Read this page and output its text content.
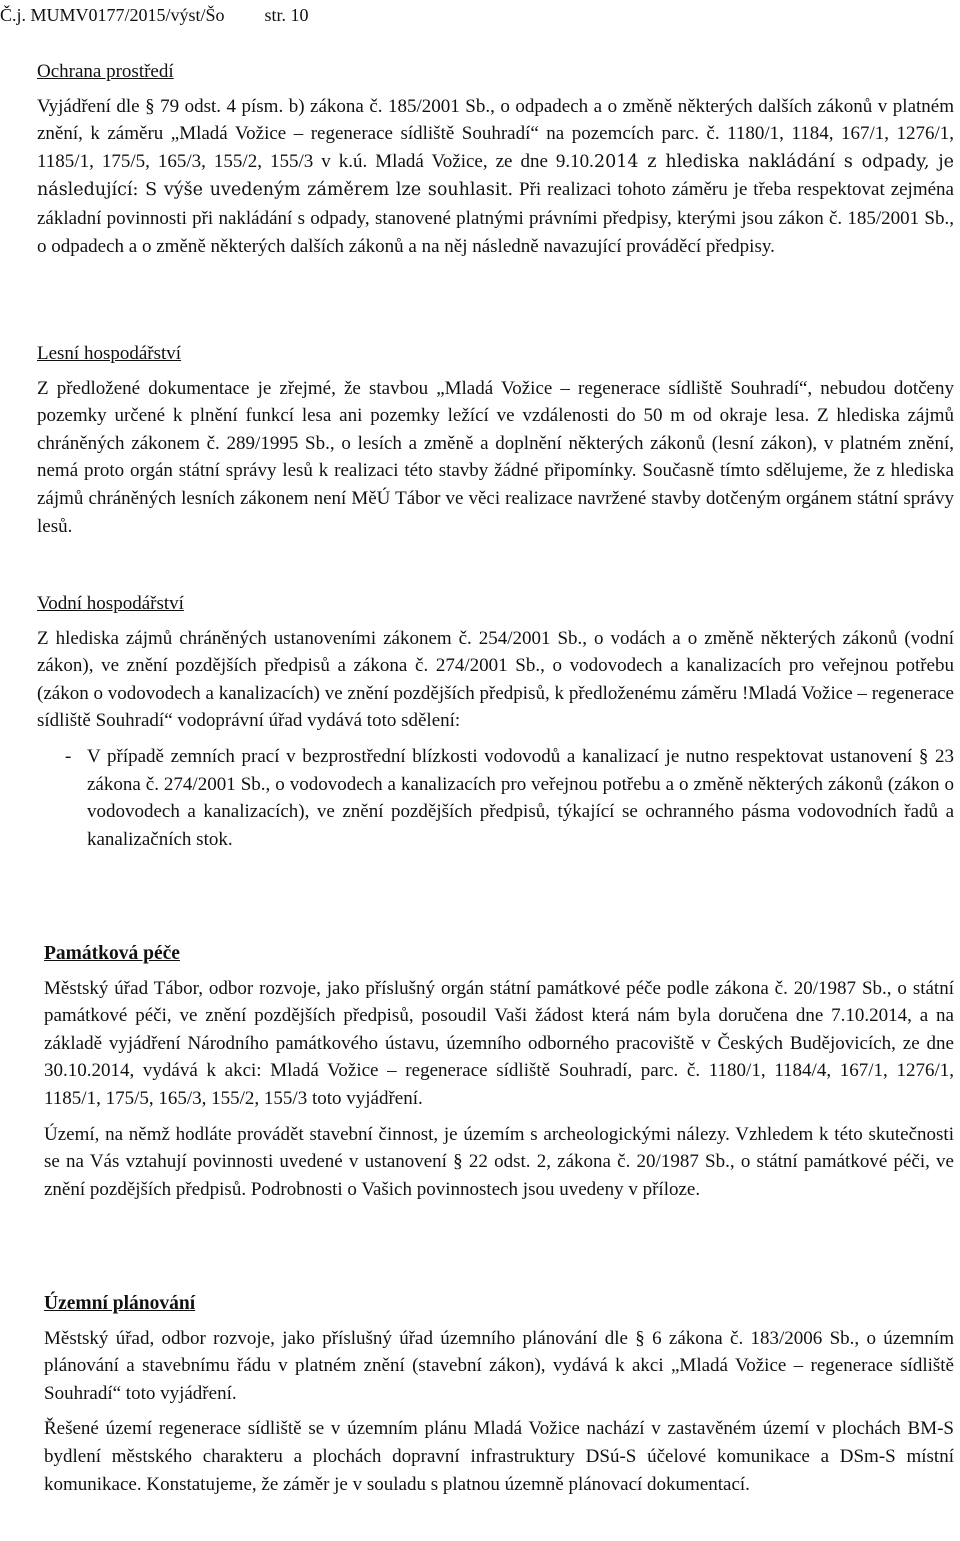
Č.j. MUMV0177/2015/výst/Šo str. 10

Ochrana prostředí

Vyjádření dle § 79 odst. 4 písm. b) zákona č. 185/2001 Sb., o odpadech a o změně některých dalších zákonů v platném znění, k záměru „Mladá Vožice – regenerace sídliště Souhradí“ na pozemcích parc. č. 1180/1, 1184, 167/1, 1276/1, 1185/1, 175/5, 165/3, 155/2, 155/3 v k.ú. Mladá Vožice, ze dne 9.10.2014 z hlediska nakládání s odpady, je následující: S výše uvedeným záměrem lze souhlasit. Při realizaci tohoto záměru je třeba respektovat zejména základní povinnosti při nakládání s odpady, stanovené platnými právními předpisy, kterými jsou zákon č. 185/2001 Sb., o odpadech a o změně některých dalších zákonů a na něj následně navazující prováděcí předpisy.

Lesní hospodářství

Z předložené dokumentace je zřejmé, že stavbou „Mladá Vožice – regenerace sídliště Souhradí“, nebudou dotčeny pozemky určené k plnění funkcí lesa ani pozemky ležící ve vzdálenosti do 50 m od okraje lesa. Z hlediska zájmů chráněných zákonem č. 289/1995 Sb., o lesích a změně a doplnění některých zákonů (lesní zákon), v platném znění, nemá proto orgán státní správy lesů k realizaci této stavby žádné připomínky. Současně tímto sdělujeme, že z hlediska zájmů chráněných lesních zákonem není MěÚ Tábor ve věci realizace navržené stavby dotčeným orgánem státní správy lesů.

Vodní hospodářství

Z hlediska zájmů chráněných ustanoveními zákonem č. 254/2001 Sb., o vodách a o změně některých zákonů (vodní zákon), ve znění pozdějších předpisů a zákona č. 274/2001 Sb., o vodovodech a kanalizacích pro veřejnou potřebu (zákon o vodovodech a kanalizacích) ve znění pozdějších předpisů, k předloženému záměru !Mladá Vožice – regenerace sídliště Souhradí“ vodoprávní úřad vydává toto sdělení:

- V případě zemních prací v bezprostřední blízkosti vodovodů a kanalizací je nutno respektovat ustanovení § 23 zákona č. 274/2001 Sb., o vodovodech a kanalizacích pro veřejnou potřebu a o změně některých zákonů (zákon o vodovodech a kanalizacích), ve znění pozdějších předpisů, týkající se ochranného pásma vodovodních řadů a kanalizačních stok.

Památková péče

Městský úřad Tábor, odbor rozvoje, jako příslušný orgán státní památkové péče podle zákona č. 20/1987 Sb., o státní památkové péči, ve znění pozdějších předpisů, posoudil Vaši žádost která nám byla doručena dne 7.10.2014, a na základě vyjádření Národního památkového ústavu, územního odborného pracoviště v Českých Budějovicích, ze dne 30.10.2014, vydává k akci: Mladá Vožice – regenerace sídliště Souhradí, parc. č. 1180/1, 1184/4, 167/1, 1276/1, 1185/1, 175/5, 165/3, 155/2, 155/3 toto vyjádření.

Území, na němž hodláte provádět stavební činnost, je územím s archeologickými nálezy. Vzhledem k této skutečnosti se na Vás vztahují povinnosti uvedené v ustanovení § 22 odst. 2, zákona č. 20/1987 Sb., o státní památkové péči, ve znění pozdějších předpisů. Podrobnosti o Vašich povinnostech jsou uvedeny v příloze.

Územní plánování

Městský úřad, odbor rozvoje, jako příslušný úřad územního plánování dle § 6 zákona č. 183/2006 Sb., o územním plánování a stavebnímu řádu v platném znění (stavební zákon), vydává k akci „Mladá Vožice – regenerace sídliště Souhradí“ toto vyjádření.

Řešené území regenerace sídliště se v územním plánu Mladá Vožice nachází v zastavěném území v plochách BM-S bydlení městského charakteru a plochách dopravní infrastruktury DSú-S účelové komunikace a DSm-S místní komunikace. Konstatujeme, že záměr je v souladu s platnou územně plánovací dokumentací.
